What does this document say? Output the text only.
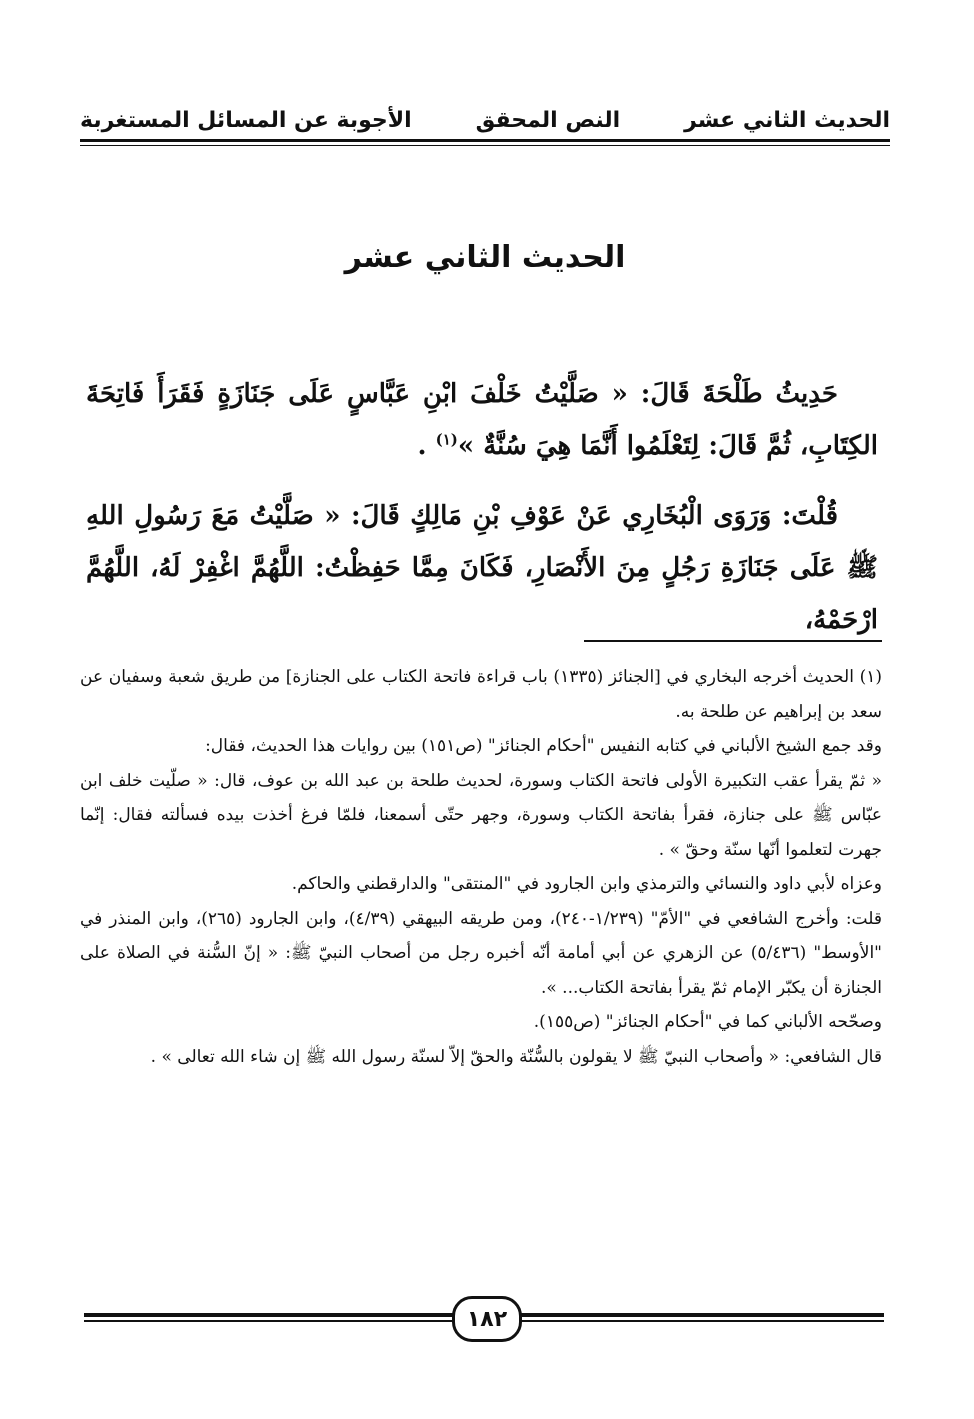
الحديث الثاني عشر
النص المحقق
الأجوبة عن المسائل المستغربة
الحديث الثاني عشر

حَدِيثُ طَلْحَةَ قَالَ: « صَلَّيْتُ خَلْفَ ابْنِ عَبَّاسٍ عَلَى جَنَازَةٍ فَقَرَأَ فَاتِحَةَ الكِتَابِ، ثُمَّ قَالَ: لِتَعْلَمُوا أَنَّمَا هِيَ سُنَّةٌ »$^{(١)}$ .

قُلْتَ: وَرَوَى الْبُخَارِي عَنْ عَوْفِ بْنِ مَالِكٍ قَالَ: « صَلَّيْتُ مَعَ رَسُولِ اللهِ ﷺ عَلَى جَنَازَةِ رَجُلٍ مِنَ الأَنْصَارِ، فَكَانَ مِمَّا حَفِظْتُ: اللَّهُمَّ اغْفِرْ لَهُ، اللَّهُمَّ ارْحَمْهُ،

(١) الحديث أخرجه البخاري في [الجنائز (١٣٣٥) باب قراءة فاتحة الكتاب على الجنازة] من طريق شعبة وسفيان عن سعد بن إبراهيم عن طلحة به.

وقد جمع الشيخ الألباني في كتابه النفيس "أحكام الجنائز" (ص١٥١) بين روايات هذا الحديث، فقال:

« ثمّ يقرأ عقب التكبيرة الأولى فاتحة الكتاب وسورة، لحديث طلحة بن عبد الله بن عوف، قال: « صلّيت خلف ابن عبّاس ﷺ على جنازة، فقرأ بفاتحة الكتاب وسورة، وجهر حتّى أسمعنا، فلمّا فرغ أخذت بيده فسألته فقال: إنّما جهرت لتعلموا أنّها سنّة وحقّ » .

وعزاه لأبي داود والنسائي والترمذي وابن الجارود في "المنتقى" والدارقطني والحاكم.

قلت: وأخرج الشافعي في "الأمّ" (١/٢٣٩-٢٤٠)، ومن طريقه البيهقي (٤/٣٩)، وابن الجارود (٢٦٥)، وابن المنذر في "الأوسط" (٥/٤٣٦) عن الزهري عن أبي أمامة أنّه أخبره رجل من أصحاب النبيّ ﷺ: « إنّ السُّنة في الصلاة على الجنازة أن يكبّر الإمام ثمّ يقرأ بفاتحة الكتاب... ».

وصحّحه الألباني كما في "أحكام الجنائز" (ص١٥٥).

قال الشافعي: « وأصحاب النبيّ ﷺ لا يقولون بالسُّنّة والحقّ إلاّ لسنّة رسول الله ﷺ إن شاء الله تعالى » .

١٨٢
